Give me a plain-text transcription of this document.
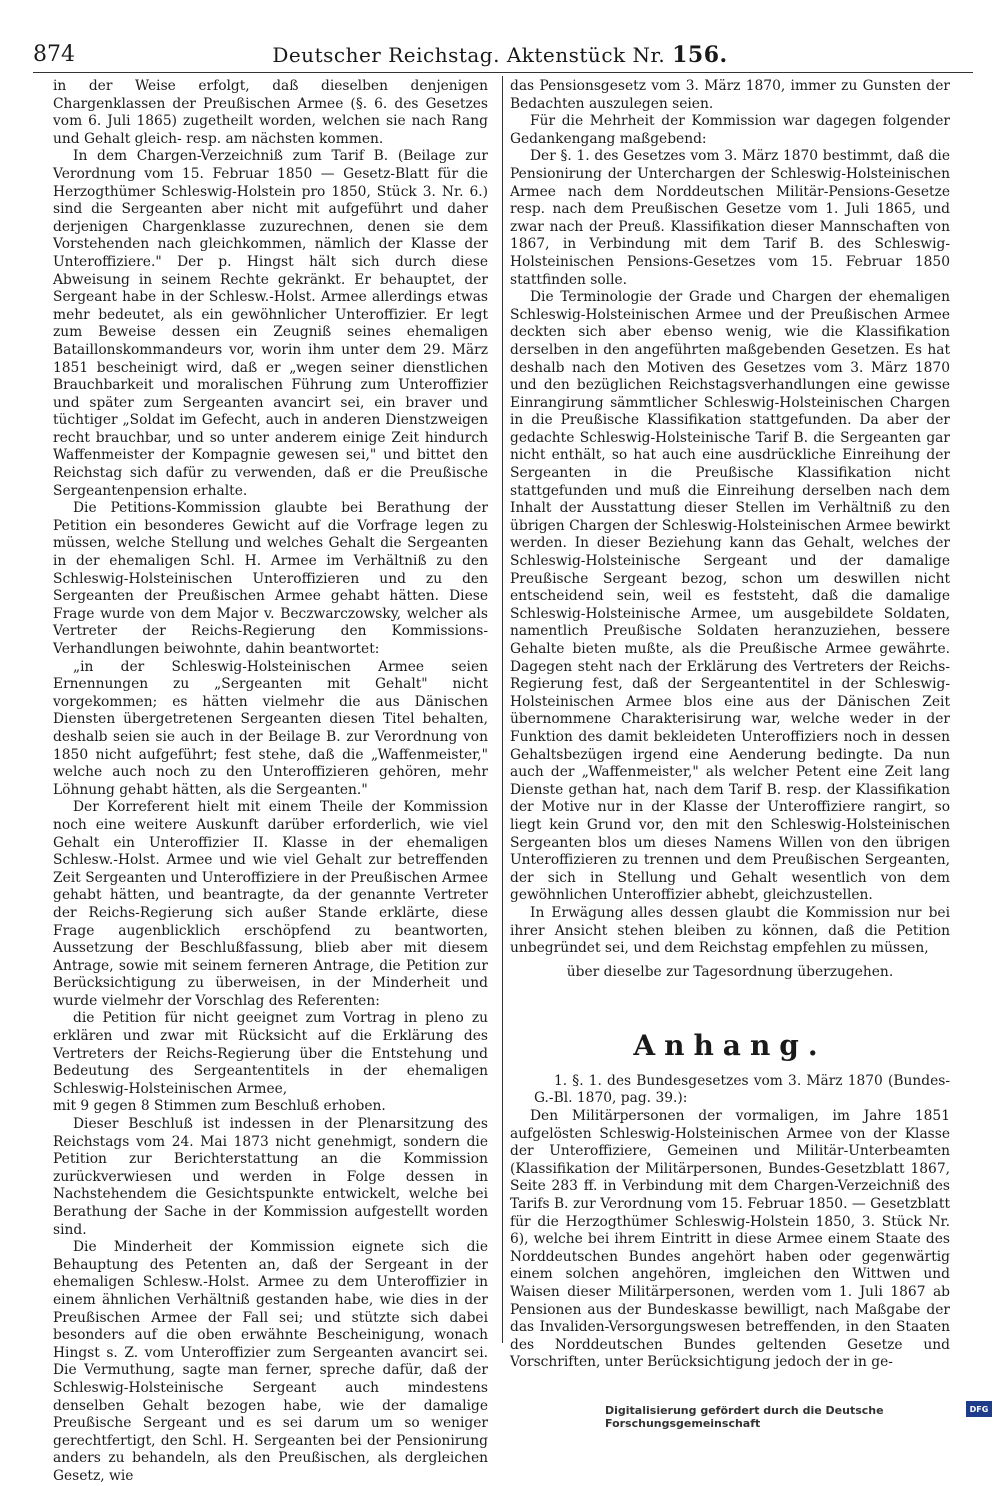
874	Deutscher Reichstag. Aktenstück Nr. 156.

in der Weise erfolgt, daß dieselben denjenigen Chargenklassen der Preußischen Armee (§. 6. des Gesetzes vom 6. Juli 1865) zugetheilt worden, welchen sie nach Rang und Gehalt gleich- resp. am nächsten kommen.

In dem Chargen-Verzeichniß zum Tarif B. (Beilage zur Verordnung vom 15. Februar 1850 — Gesetz-Blatt für die Herzogthümer Schleswig-Holstein pro 1850, Stück 3. Nr. 6.) sind die Sergeanten aber nicht mit aufgeführt und daher derjenigen Chargenklasse zuzurechnen, denen sie dem Vorstehenden nach gleichkommen, nämlich der Klasse der Unteroffiziere." Der p. Hingst hält sich durch diese Abweisung in seinem Rechte gekränkt. Er behauptet, der Sergeant habe in der Schlesw.-Holst. Armee allerdings etwas mehr bedeutet, als ein gewöhnlicher Unteroffizier. Er legt zum Beweise dessen ein Zeugniß seines ehemaligen Bataillonskommandeurs vor, worin ihm unter dem 29. März 1851 bescheinigt wird, daß er „wegen seiner dienstlichen Brauchbarkeit und moralischen Führung zum Unteroffizier und später zum Sergeanten avancirt sei, ein braver und tüchtiger „Soldat im Gefecht, auch in anderen Dienstzweigen recht brauchbar, und so unter anderem einige Zeit hindurch Waffenmeister der Kompagnie gewesen sei," und bittet den Reichstag sich dafür zu verwenden, daß er die Preußische Sergeantenpension erhalte.

Die Petitions-Kommission glaubte bei Berathung der Petition ein besonderes Gewicht auf die Vorfrage legen zu müssen, welche Stellung und welches Gehalt die Sergeanten in der ehemaligen Schl. H. Armee im Verhältniß zu den Schleswig-Holsteinischen Unteroffizieren und zu den Sergeanten der Preußischen Armee gehabt hätten. Diese Frage wurde von dem Major v. Beczwarczowsky, welcher als Vertreter der Reichs-Regierung den Kommissions-Verhandlungen beiwohnte, dahin beantwortet:

„in der Schleswig-Holsteinischen Armee seien Ernennungen zu „Sergeanten mit Gehalt" nicht vorgekommen; es hätten vielmehr die aus Dänischen Diensten übergetretenen Sergeanten diesen Titel behalten, deshalb seien sie auch in der Beilage B. zur Verordnung von 1850 nicht aufgeführt; fest stehe, daß die „Waffenmeister," welche auch noch zu den Unteroffizieren gehören, mehr Löhnung gehabt hätten, als die Sergeanten."

Der Korreferent hielt mit einem Theile der Kommission noch eine weitere Auskunft darüber erforderlich, wie viel Gehalt ein Unteroffizier II. Klasse in der ehemaligen Schlesw.-Holst. Armee und wie viel Gehalt zur betreffenden Zeit Sergeanten und Unteroffiziere in der Preußischen Armee gehabt hätten, und beantragte, da der genannte Vertreter der Reichs-Regierung sich außer Stande erklärte, diese Frage augenblicklich erschöpfend zu beantworten, Aussetzung der Beschlußfassung, blieb aber mit diesem Antrage, sowie mit seinem ferneren Antrage, die Petition zur Berücksichtigung zu überweisen, in der Minderheit und wurde vielmehr der Vorschlag des Referenten:

die Petition für nicht geeignet zum Vortrag in pleno zu erklären und zwar mit Rücksicht auf die Erklärung des Vertreters der Reichs-Regierung über die Entstehung und Bedeutung des Sergeantentitels in der ehemaligen Schleswig-Holsteinischen Armee,

mit 9 gegen 8 Stimmen zum Beschluß erhoben.

Dieser Beschluß ist indessen in der Plenarsitzung des Reichstags vom 24. Mai 1873 nicht genehmigt, sondern die Petition zur Berichterstattung an die Kommission zurückverwiesen und werden in Folge dessen in Nachstehendem die Gesichtspunkte entwickelt, welche bei Berathung der Sache in der Kommission aufgestellt worden sind.

Die Minderheit der Kommission eignete sich die Behauptung des Petenten an, daß der Sergeant in der ehemaligen Schlesw.-Holst. Armee zu dem Unteroffizier in einem ähnlichen Verhältniß gestanden habe, wie dies in der Preußischen Armee der Fall sei; und stützte sich dabei besonders auf die oben erwähnte Bescheinigung, wonach Hingst s. Z. vom Unteroffizier zum Sergeanten avancirt sei. Die Vermuthung, sagte man ferner, spreche dafür, daß der Schleswig-Holsteinische Sergeant auch mindestens denselben Gehalt bezogen habe, wie der damalige Preußische Sergeant und es sei darum um so weniger gerechtfertigt, den Schl. H. Sergeanten bei der Pensionirung anders zu behandeln, als den Preußischen, als dergleichen Gesetz, wie

das Pensionsgesetz vom 3. März 1870, immer zu Gunsten der Bedachten auszulegen seien.

Für die Mehrheit der Kommission war dagegen folgender Gedankengang maßgebend:

Der §. 1. des Gesetzes vom 3. März 1870 bestimmt, daß die Pensionirung der Unterchargen der Schleswig-Holsteinischen Armee nach dem Norddeutschen Militär-Pensions-Gesetze resp. nach dem Preußischen Gesetze vom 1. Juli 1865, und zwar nach der Preuß. Klassifikation dieser Mannschaften von 1867, in Verbindung mit dem Tarif B. des Schleswig-Holsteinischen Pensions-Gesetzes vom 15. Februar 1850 stattfinden solle.

Die Terminologie der Grade und Chargen der ehemaligen Schleswig-Holsteinischen Armee und der Preußischen Armee deckten sich aber ebenso wenig, wie die Klassifikation derselben in den angeführten maßgebenden Gesetzen. Es hat deshalb nach den Motiven des Gesetzes vom 3. März 1870 und den bezüglichen Reichstagsverhandlungen eine gewisse Einrangirung sämmtlicher Schleswig-Holsteinischen Chargen in die Preußische Klassifikation stattgefunden. Da aber der gedachte Schleswig-Holsteinische Tarif B. die Sergeanten gar nicht enthält, so hat auch eine ausdrückliche Einreihung der Sergeanten in die Preußische Klassifikation nicht stattgefunden und muß die Einreihung derselben nach dem Inhalt der Ausstattung dieser Stellen im Verhältniß zu den übrigen Chargen der Schleswig-Holsteinischen Armee bewirkt werden. In dieser Beziehung kann das Gehalt, welches der Schleswig-Holsteinische Sergeant und der damalige Preußische Sergeant bezog, schon um deswillen nicht entscheidend sein, weil es feststeht, daß die damalige Schleswig-Holsteinische Armee, um ausgebildete Soldaten, namentlich Preußische Soldaten heranzuziehen, bessere Gehalte bieten mußte, als die Preußische Armee gewährte. Dagegen steht nach der Erklärung des Vertreters der Reichs-Regierung fest, daß der Sergeantentitel in der Schleswig-Holsteinischen Armee blos eine aus der Dänischen Zeit übernommene Charakterisirung war, welche weder in der Funktion des damit bekleideten Unteroffiziers noch in dessen Gehaltsbezügen irgend eine Aenderung bedingte. Da nun auch der „Waffenmeister," als welcher Petent eine Zeit lang Dienste gethan hat, nach dem Tarif B. resp. der Klassifikation der Motive nur in der Klasse der Unteroffiziere rangirt, so liegt kein Grund vor, den mit den Schleswig-Holsteinischen Sergeanten blos um dieses Namens Willen von den übrigen Unteroffizieren zu trennen und dem Preußischen Sergeanten, der sich in Stellung und Gehalt wesentlich von dem gewöhnlichen Unteroffizier abhebt, gleichzustellen.

In Erwägung alles dessen glaubt die Kommission nur bei ihrer Ansicht stehen bleiben zu können, daß die Petition unbegründet sei, und dem Reichstag empfehlen zu müssen,

über dieselbe zur Tagesordnung überzugehen.

Anhang.

1. §. 1. des Bundesgesetzes vom 3. März 1870 (Bundes-G.-Bl. 1870, pag. 39.):

Den Militärpersonen der vormaligen, im Jahre 1851 aufgelösten Schleswig-Holsteinischen Armee von der Klasse der Unteroffiziere, Gemeinen und Militär-Unterbeamten (Klassifikation der Militärpersonen, Bundes-Gesetzblatt 1867, Seite 283 ff. in Verbindung mit dem Chargen-Verzeichniß des Tarifs B. zur Verordnung vom 15. Februar 1850. — Gesetzblatt für die Herzogthümer Schleswig-Holstein 1850, 3. Stück Nr. 6), welche bei ihrem Eintritt in diese Armee einem Staate des Norddeutschen Bundes angehört haben oder gegenwärtig einem solchen angehören, imgleichen den Wittwen und Waisen dieser Militärpersonen, werden vom 1. Juli 1867 ab Pensionen aus der Bundeskasse bewilligt, nach Maßgabe der das Invaliden-Versorgungswesen betreffenden, in den Staaten des Norddeutschen Bundes geltenden Gesetze und Vorschriften, unter Berücksichtigung jedoch der in ge-

Digitalisierung gefördert durch die Deutsche Forschungsgemeinschaft
DFG
